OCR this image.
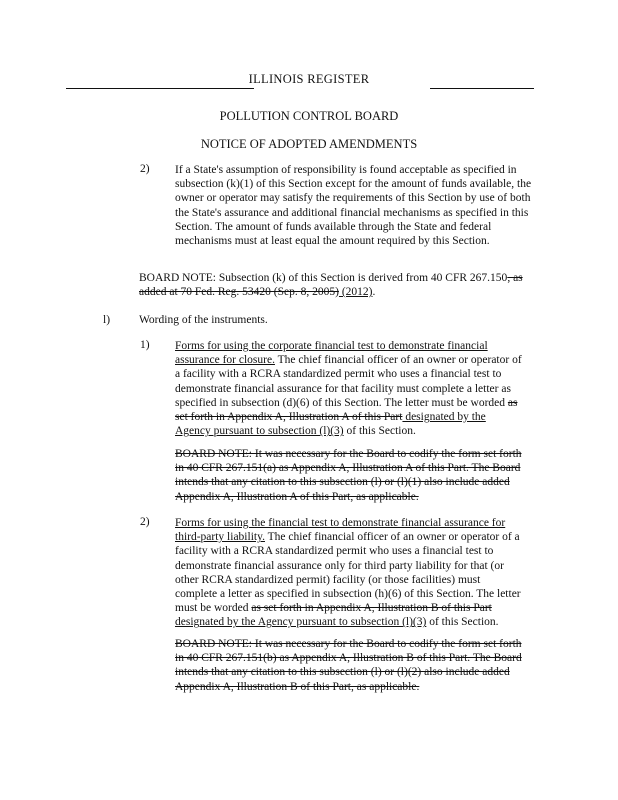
ILLINOIS REGISTER
POLLUTION CONTROL BOARD
NOTICE OF ADOPTED AMENDMENTS
2) If a State's assumption of responsibility is found acceptable as specified in subsection (k)(1) of this Section except for the amount of funds available, the owner or operator may satisfy the requirements of this Section by use of both the State's assurance and additional financial mechanisms as specified in this Section. The amount of funds available through the State and federal mechanisms must at least equal the amount required by this Section.

BOARD NOTE: Subsection (k) of this Section is derived from 40 CFR 267.150, as added at 70 Fed. Reg. 53420 (Sep. 8, 2005) (2012).

l)	Wording of the instruments.
1) Forms for using the corporate financial test to demonstrate financial assurance for closure. The chief financial officer of an owner or operator of a facility with a RCRA standardized permit who uses a financial test to demonstrate financial assurance for that facility must complete a letter as specified in subsection (d)(6) of this Section. The letter must be worded as set forth in Appendix A, Illustration A of this Part designated by the Agency pursuant to subsection (l)(3) of this Section.

BOARD NOTE: It was necessary for the Board to codify the form set forth in 40 CFR 267.151(a) as Appendix A, Illustration A of this Part. The Board intends that any citation to this subsection (l) or (l)(1) also include added Appendix A, Illustration A of this Part, as applicable.

2) Forms for using the financial test to demonstrate financial assurance for third-party liability. The chief financial officer of an owner or operator of a facility with a RCRA standardized permit who uses a financial test to demonstrate financial assurance only for third party liability for that (or other RCRA standardized permit) facility (or those facilities) must complete a letter as specified in subsection (h)(6) of this Section. The letter must be worded as set forth in Appendix A, Illustration B of this Part designated by the Agency pursuant to subsection (l)(3) of this Section.

BOARD NOTE: It was necessary for the Board to codify the form set forth in 40 CFR 267.151(b) as Appendix A, Illustration B of this Part. The Board intends that any citation to this subsection (l) or (l)(2) also include added Appendix A, Illustration B of this Part, as applicable.
